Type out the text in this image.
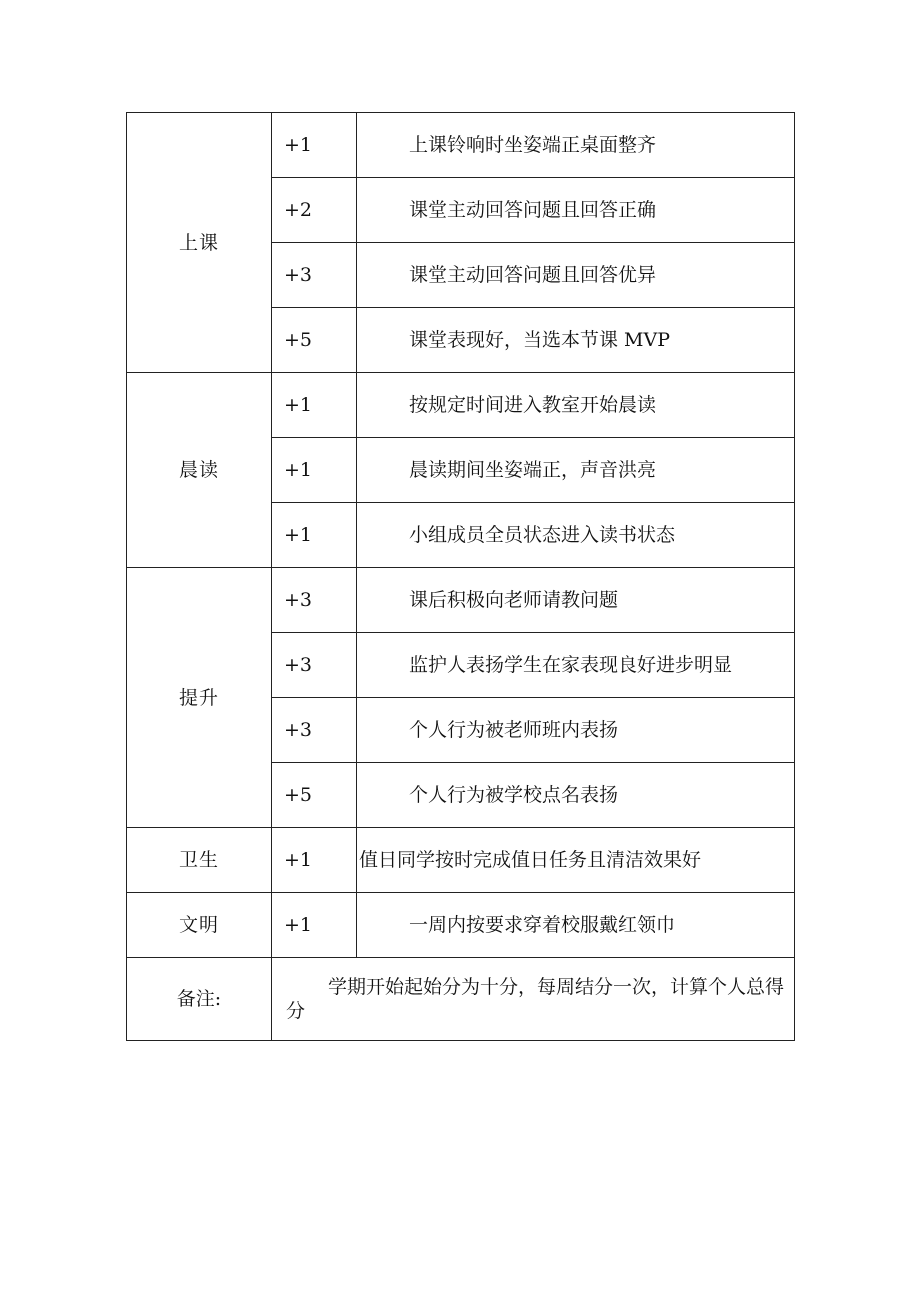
上课	+1	上课铃响时坐姿端正桌面整齐
	+2	课堂主动回答问题且回答正确
	+3	课堂主动回答问题且回答优异
	+5	课堂表现好，当选本节课 MVP
晨读	+1	按规定时间进入教室开始晨读
	+1	晨读期间坐姿端正，声音洪亮
	+1	小组成员全员状态进入读书状态
提升	+3	课后积极向老师请教问题
	+3	监护人表扬学生在家表现良好进步明显
	+3	个人行为被老师班内表扬
	+5	个人行为被学校点名表扬
卫生	+1	值日同学按时完成值日任务且清洁效果好
文明	+1	一周内按要求穿着校服戴红领巾
备注:	学期开始起始分为十分，每周结分一次，计算个人总得分	
